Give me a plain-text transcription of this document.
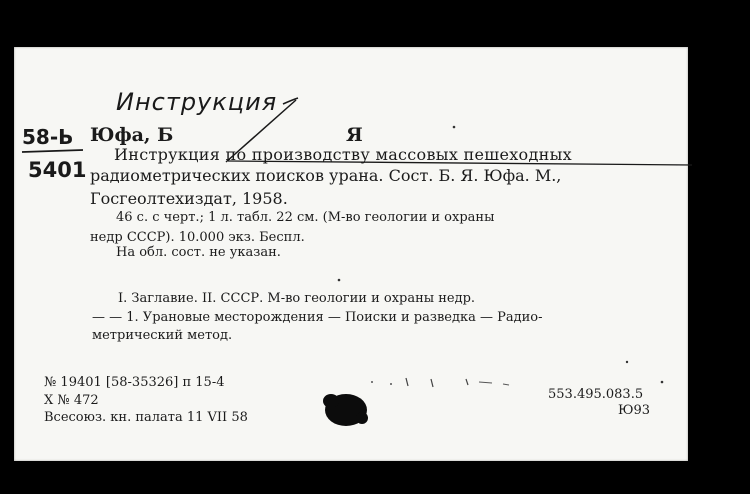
Инструкция
58-Ь
5401
Юфа, Б	Я
Инструкция по производству массовых пешеходных
радиометрических поисков урана. Сост. Б. Я. Юфа. М.,
Госгеолтехиздат, 1958.
46 с. с черт.; 1 л. табл. 22 см. (М-во геологии и охраны
недр СССР). 10.000 экз. Беспл.
На обл. сост. не указан.
I. Заглавие. II. СССР. М-во геологии и охраны недр.
— — 1. Урановые месторождения — Поиски и разведка — Радио-
метрический метод.
№ 19401 [58-35326] п 15-4
X № 472
Всесоюз. кн. палата 11 VII 58
553.495.083.5
Ю93
